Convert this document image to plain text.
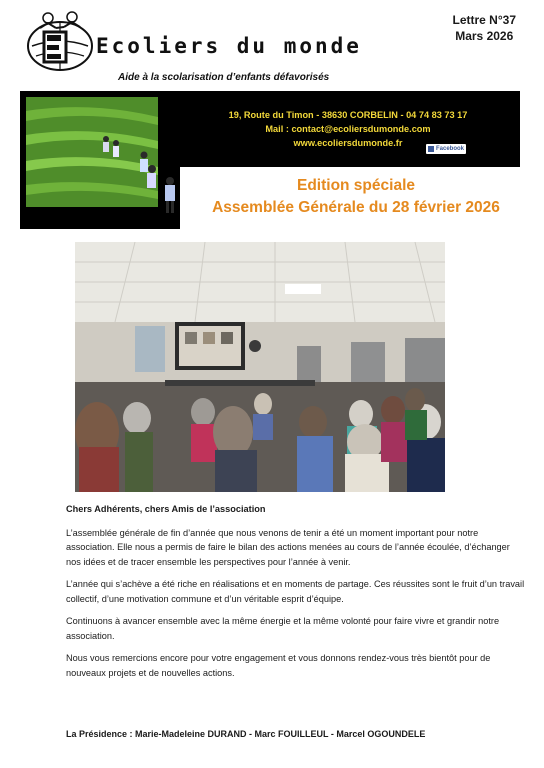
Ecoliers du monde
Aide à la scolarisation d’enfants défavorisés
Lettre N°37
Mars 2026
19, Route du Timon - 38630 CORBELIN - 04 74 83 73 17
Mail : contact@ecoliersdumonde.com
www.ecoliersdumonde.fr
Facebook
Edition spéciale
Assemblée Générale du 28 février 2026

Chers Adhérents, chers Amis de l’association

L’assemblée générale de fin d’année que nous venons de tenir a été un moment important pour notre association. Elle nous a permis de faire le bilan des actions menées au cours de l’année écoulée, d’échanger nos idées et de tracer ensemble les perspectives pour l’année à venir.

L’année qui s’achève a été riche en réalisations et en moments de partage. Ces réussites sont le fruit d’un travail collectif, d’une motivation commune et d’un véritable esprit d’équipe.

Continuons à avancer ensemble avec la même énergie et la même volonté pour faire vivre et grandir notre association.

Nous vous remercions encore pour votre engagement et vous donnons rendez-vous très bientôt pour de nouveaux projets et de nouvelles actions.

La Présidence : Marie-Madeleine DURAND - Marc FOUILLEUL - Marcel OGOUNDELE
